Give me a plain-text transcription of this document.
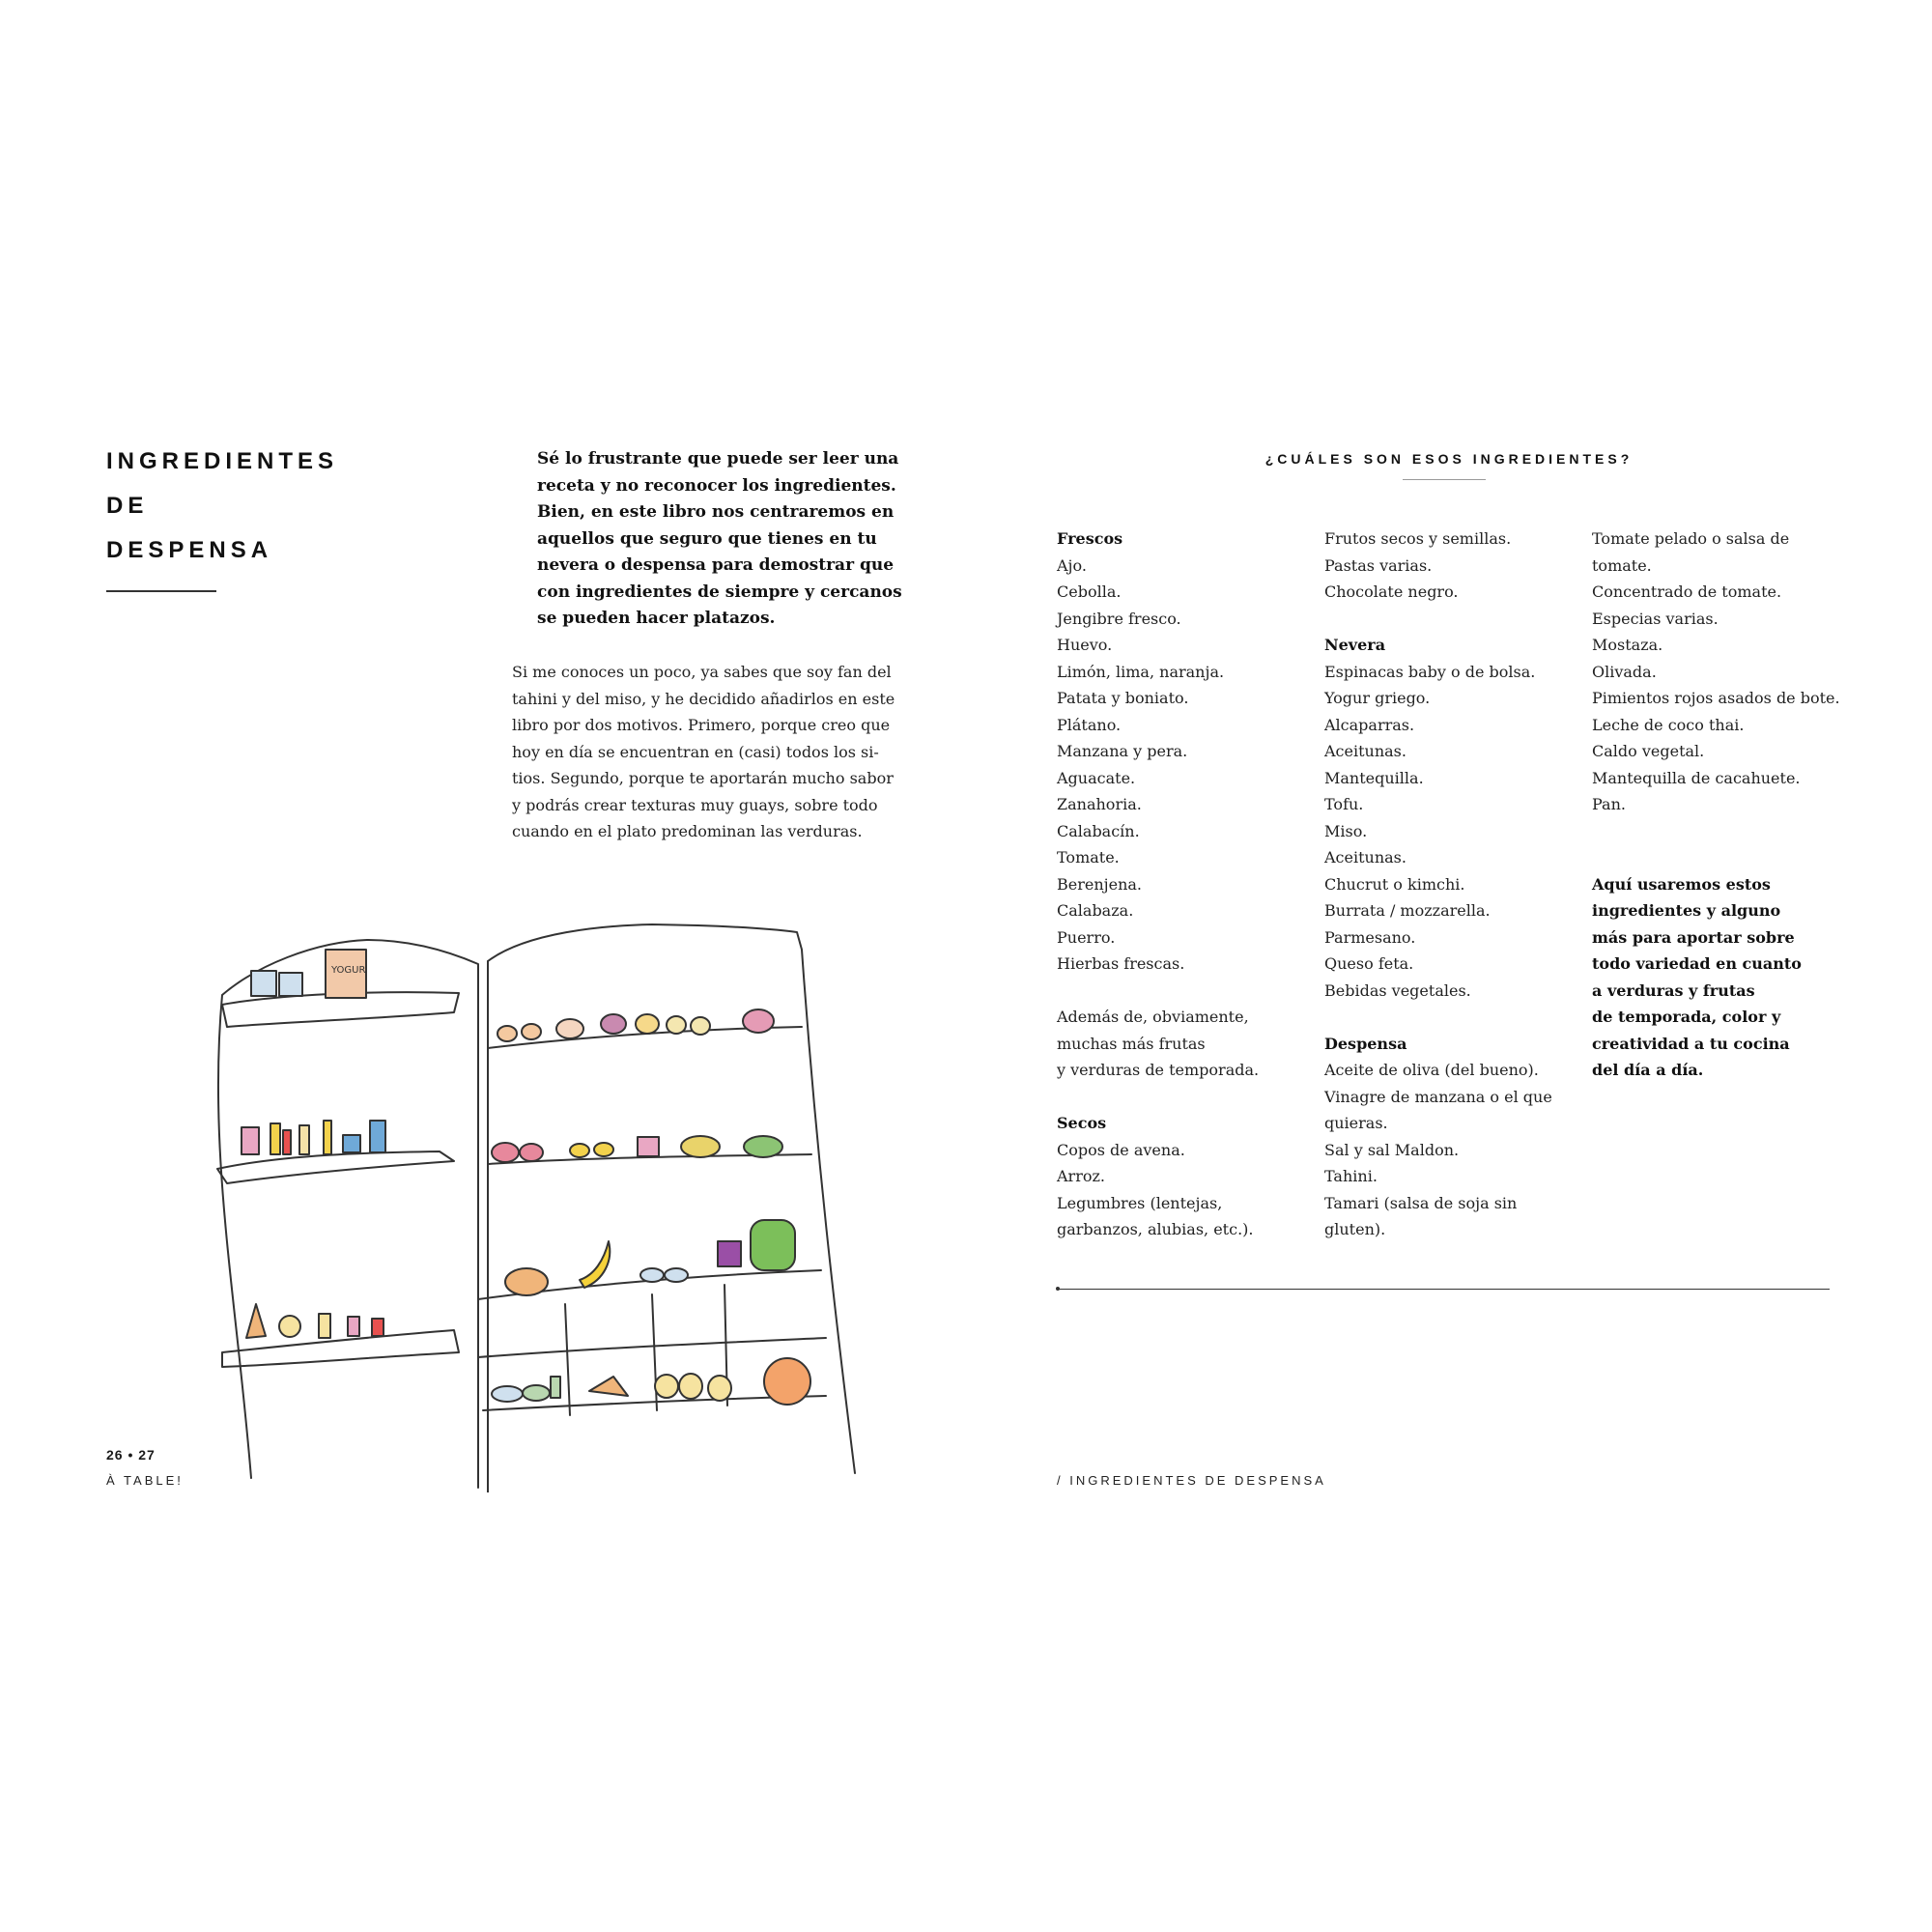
INGREDIENTES
DE
DESPENSA

Sé lo frustrante que puede ser leer una
receta y no reconocer los ingredientes.
Bien, en este libro nos centraremos en
aquellos que seguro que tienes en tu
nevera o despensa para demostrar que
con ingredientes de siempre y cercanos
se pueden hacer platazos.

Si me conoces un poco, ya sabes que soy fan del
tahini y del miso, y he decidido añadirlos en este
libro por dos motivos. Primero, porque creo que
hoy en día se encuentran en (casi) todos los si-
tios. Segundo, porque te aportarán mucho sabor
y podrás crear texturas muy guays, sobre todo
cuando en el plato predominan las verduras.

YOGUR
26 • 27
À TABLE!
¿CUÁLES SON ESOS INGREDIENTES?
Frescos
Ajo.
Cebolla.
Jengibre fresco.
Huevo.
Limón, lima, naranja.
Patata y boniato.
Plátano.
Manzana y pera.
Aguacate.
Zanahoria.
Calabacín.
Tomate.
Berenjena.
Calabaza.
Puerro.
Hierbas frescas.
Además de, obviamente,
muchas más frutas
y verduras de temporada.
Secos
Copos de avena.
Arroz.
Legumbres (lentejas,
garbanzos, alubias, etc.).
Frutos secos y semillas.
Pastas varias.
Chocolate negro.
Nevera
Espinacas baby o de bolsa.
Yogur griego.
Alcaparras.
Aceitunas.
Mantequilla.
Tofu.
Miso.
Aceitunas.
Chucrut o kimchi.
Burrata / mozzarella.
Parmesano.
Queso feta.
Bebidas vegetales.
Despensa
Aceite de oliva (del bueno).
Vinagre de manzana o el que
quieras.
Sal y sal Maldon.
Tahini.
Tamari (salsa de soja sin
gluten).
Tomate pelado o salsa de
tomate.
Concentrado de tomate.
Especias varias.
Mostaza.
Olivada.
Pimientos rojos asados de bote.
Leche de coco thai.
Caldo vegetal.
Mantequilla de cacahuete.
Pan.
Aquí usaremos estos
ingredientes y alguno
más para aportar sobre
todo variedad en cuanto
a verduras y frutas
de temporada, color y
creatividad a tu cocina
del día a día.
/ INGREDIENTES DE DESPENSA
